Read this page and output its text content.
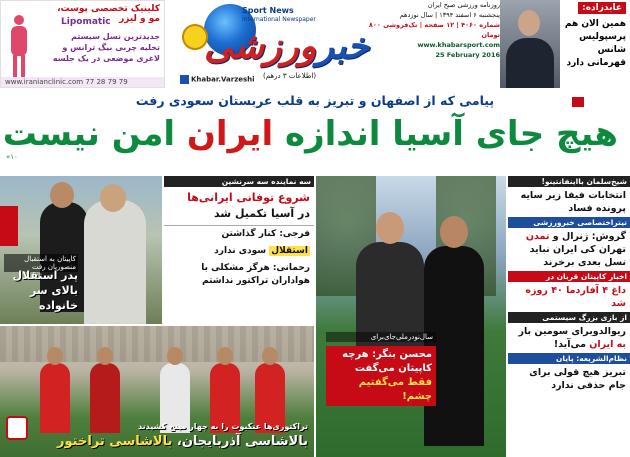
عابدزاده:
همین الان هم
پرسپولیس شانس
قهرمانی دارد
روزنامه ورزشی صبح ایران
پنجشنبه ۶ اسفند ۱۳۹۴ | سال نوزدهم
شماره ۴۰۶۰ | ۱۲ صفحه | تک‌فروشی ۸۰۰ تومان
www.khabarsport.com
25 February 2016
Sport News
International Newspaper
خبرورزشی
Khabar.Varzeshi (اطلاعات ۳ درهم)
کلینیک تخصصی پوست، مو و لیزر
Lipomatic
جدیدترین نسل سیستم
تخلیه چربی بیگ ترانس و
لاغری موضعی در یک جلسه
www.iranianclinic.com 77 28 79 79
پیامی که از اصفهان و تبریز به قلب عربستان سعودی رفت
هیچ جای آسیا اندازه ایران امن نیست
۱۰»
شیخ‌سلمان با‌اینفانتینو!
انتخابات فیفا زیر سایه پرونده فساد
تیتراختصاصی خبرورزشی
گروش: ژنرال و تمدن تهران کی ایران نباید نسل بعدی برخرند
اخبار کاپیتان قربان در
داغ ۴ آفاردما ۴۰ روزه شد
از بازی بزرگ سیستمی
ریو‌الدوبرای سومین بار به ایران می‌آید!
نظام‌الشریعه: پایان
تبریز هیچ قولی برای جام حذفی ندارد
سال‌نو‌در‌ملی‌‌جای‌برای
محسن بنگر: هرچه
کاپیتان می‌گفت
فقط می‌گفتیم چشم!
سه نماینده سه سرنشین
شروع توفانی ایرانی‌ها
در آسیا تکمیل شد
فرجی: کنار گذاشتن
استقلال سودی ندارد
رحمانی: هرگز مشکلی با هواداران تراکتور نداشتم
کاپیتان به استقبال منصوریان رفت
پدر استقلال بالای سر خانواده
تراکتوری‌ها عنکبوت را به چهار مینخ کشیدند
بالاشاسی آذربایجان، بالاشاسی تراختور
